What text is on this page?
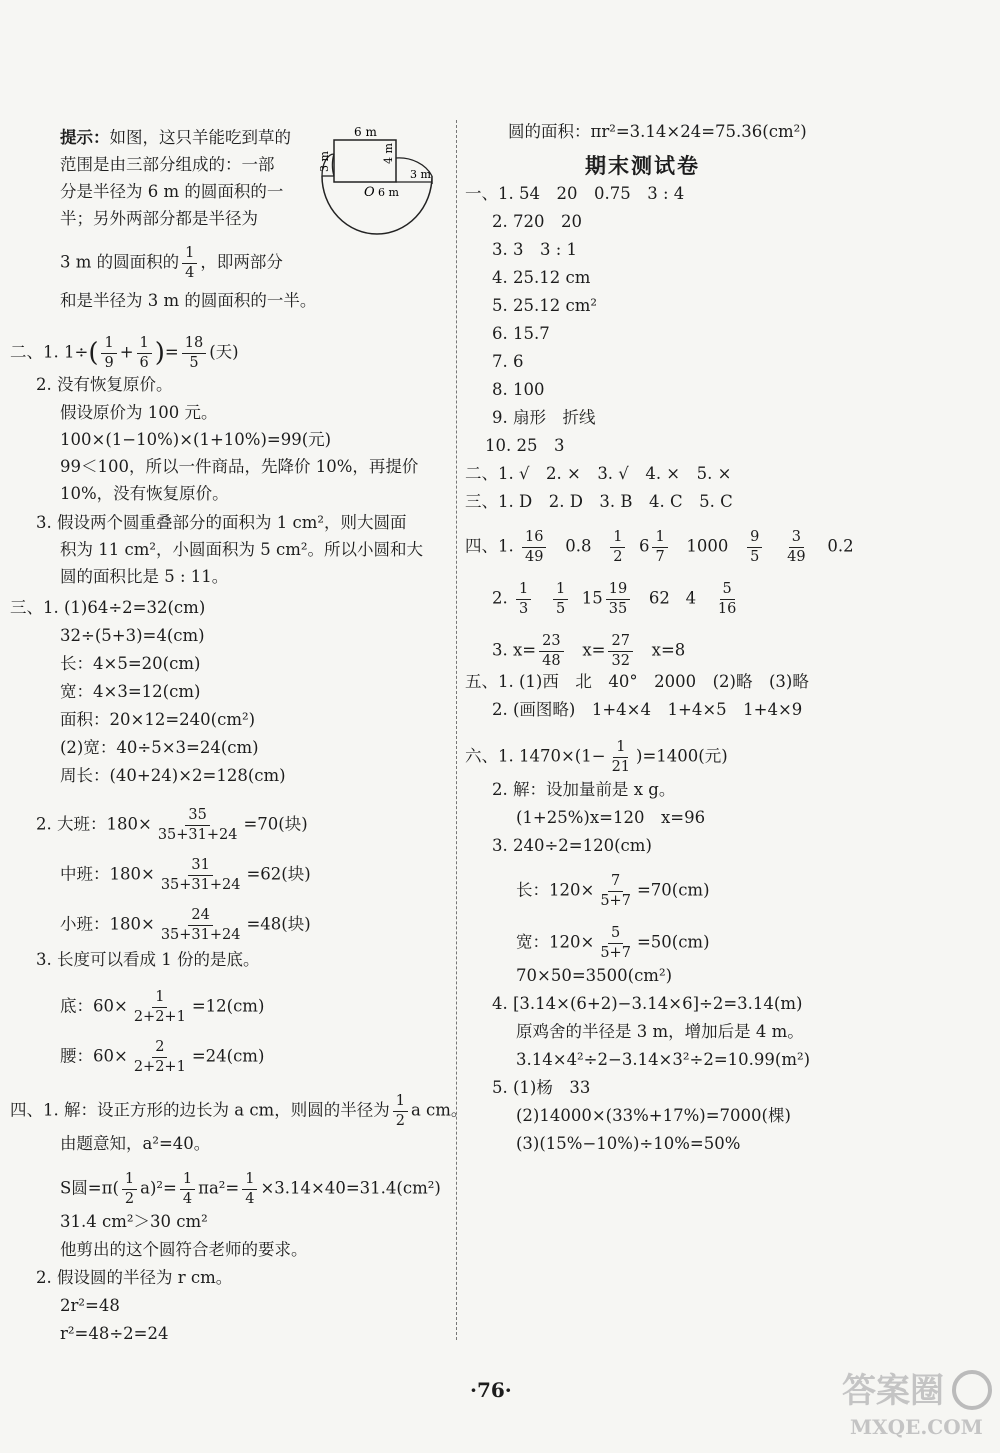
6 m
3 m	4 m
3 m
O 6 m
提示：如图，这只羊能吃到草的
范围是由三部分组成的：一部
分是半径为 6 m 的圆面积的一
半；另外两部分都是半径为
3 m 的圆面积的 $\frac{1}{4}$ ，即两部分
和是半径为 3 m 的圆面积的一半。
二、1. $1\div( \frac{1}{9} + \frac{1}{6}$ )= $\frac{18}{5}$ (天)
2. 没有恢复原价。
假设原价为 100 元。
100×(1−10%)×(1+10%)=99(元)
99＜100，所以一件商品，先降价 10%，再提价
10%，没有恢复原价。
3. 假设两个圆重叠部分的面积为 1 cm²，则大圆面
积为 11 cm²，小圆面积为 5 cm²。所以小圆和大
圆的面积比是 5 : 11。
三、1. (1)64÷2=32(cm)
32÷(5+3)=4(cm)
长：4×5=20(cm)
宽：4×3=12(cm)
面积：20×12=240(cm²)
(2)宽：40÷5×3=24(cm)
周长：(40+24)×2=128(cm)
2. 大班：$180\times \frac{35}{35+31+24} =70$(块)
中班：$180\times \frac{31}{35+31+24} =62$(块)
小班：$180\times \frac{24}{35+31+24} =48$(块)
3. 长度可以看成 1 份的是底。
底：$60\times \frac{1}{2+2+1} =12(cm)$
腰：$60\times \frac{2}{2+2+1} =24(cm)$
四、1. 解：设正方形的边长为 a cm，则圆的半径为 $\frac{1}{2}$ a cm。
由题意知，a²=40。
S圆$=\pi( \frac{1}{2} a)^2= \frac{1}{4} \pi a^2= \frac{1}{4} \times 3.14\times 40=31.4(cm^2)$
31.4 cm²＞30 cm²
他剪出的这个圆符合老师的要求。
2. 假设圆的半径为 r cm。
2r²=48
r²=48÷2=24
圆的面积：πr²=3.14×24=75.36(cm²)
期末测试卷
一、1. 54　20　0.75　3 : 4
2. 720　20
3. 3　3 : 1
4. 25.12 cm
5. 25.12 cm²
6. 15.7
7. 6
8. 100
9. 扇形　折线
10. 25　3
二、1. √　2. ×　3. √　4. ×　5. ×
三、1. D　2. D　3. B　4. C　5. C
四、1. $\frac{16}{49} 0.8 \frac{1}{2} 6 \frac{1}{7} 1000 \frac{9}{5}$
$\frac{3}{49} 0.2$
2. $\frac{1}{3}$
$\frac{1}{5} 15 \frac{19}{35} 62$ $4 \frac{5}{16}$
3. $x= \frac{23}{48} x= \frac{27}{32} x=8$
五、1. (1)西　北　40°　2000　(2)略　(3)略
2. (画图略)　1+4×4　1+4×5　1+4×9
六、1. $1470\times(1- \frac{1}{21} )=1400$(元)
2. 解：设加量前是 x g。
(1+25%)x=120　x=96
3. 240÷2=120(cm)
长：$120\times \frac{7}{5+7} =70(cm)$
宽：$120\times \frac{5}{5+7} =50(cm)$
70×50=3500(cm²)
4. [3.14×(6+2)−3.14×6]÷2=3.14(m)
原鸡舍的半径是 3 m，增加后是 4 m。
3.14×4²÷2−3.14×3²÷2=10.99(m²)
5. (1)杨　33
(2)14000×(33%+17%)=7000(棵)
(3)(15%−10%)÷10%=50%
·76·	答案圈
MXQE.COM
